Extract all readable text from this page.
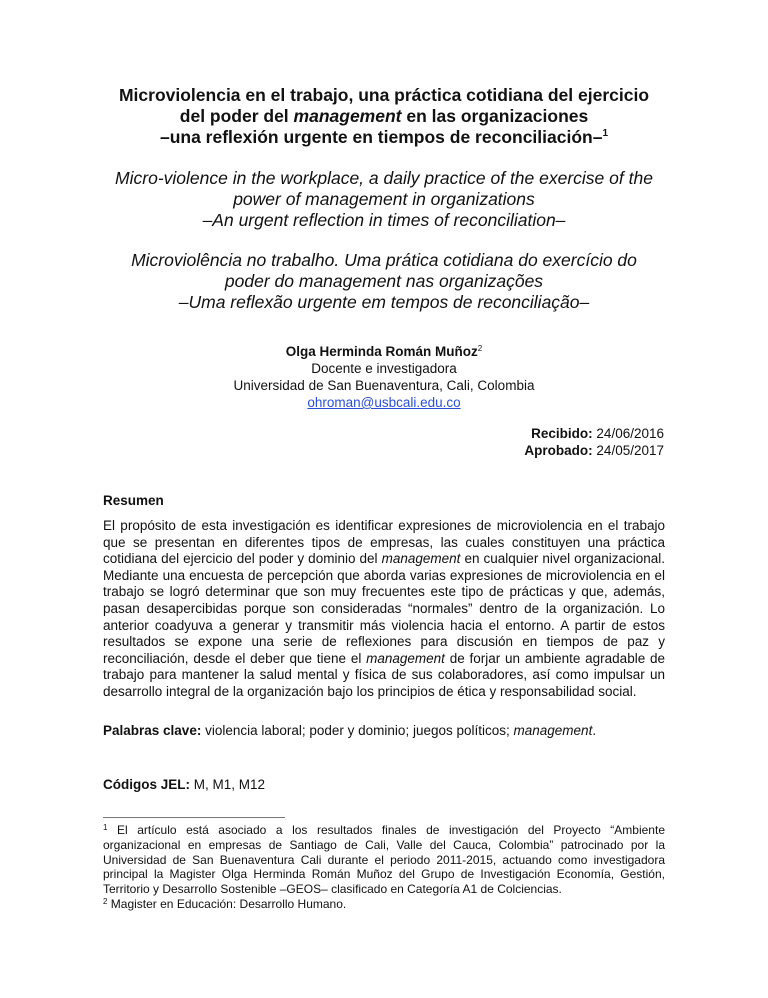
Microviolencia en el trabajo, una práctica cotidiana del ejercicio
del poder del management en las organizaciones
–una reflexión urgente en tiempos de reconciliación–$^1$
Micro-violence in the workplace, a daily practice of the exercise of the
power of management in organizations
–An urgent reflection in times of reconciliation–
Microviolência no trabalho. Uma prática cotidiana do exercício do
poder do management nas organizações
–Uma reflexão urgente em tempos de reconciliação–
Olga Herminda Román Muñoz$^2$
Docente e investigadora
Universidad de San Buenaventura, Cali, Colombia
ohroman@usbcali.edu.co
Recibido: 24/06/2016
Aprobado: 24/05/2017
Resumen
El propósito de esta investigación es identificar expresiones de microviolencia en el trabajo que se presentan en diferentes tipos de empresas, las cuales constituyen una práctica cotidiana del ejercicio del poder y dominio del management en cualquier nivel organizacional. Mediante una encuesta de percepción que aborda varias expresiones de microviolencia en el trabajo se logró determinar que son muy frecuentes este tipo de prácticas y que, además, pasan desapercibidas porque son consideradas “normales” dentro de la organización. Lo anterior coadyuva a generar y transmitir más violencia hacia el entorno. A partir de estos resultados se expone una serie de reflexiones para discusión en tiempos de paz y reconciliación, desde el deber que tiene el management de forjar un ambiente agradable de trabajo para mantener la salud mental y física de sus colaboradores, así como impulsar un desarrollo integral de la organización bajo los principios de ética y responsabilidad social.
Palabras clave: violencia laboral; poder y dominio; juegos políticos; management.
Códigos JEL: M, M1, M12
$^1$ El artículo está asociado a los resultados finales de investigación del Proyecto “Ambiente organizacional en empresas de Santiago de Cali, Valle del Cauca, Colombia” patrocinado por la Universidad de San Buenaventura Cali durante el periodo 2011-2015, actuando como investigadora principal la Magister Olga Herminda Román Muñoz del Grupo de Investigación Economía, Gestión, Territorio y Desarrollo Sostenible –GEOS– clasificado en Categoría A1 de Colciencias.
$^2$ Magister en Educación: Desarrollo Humano.
